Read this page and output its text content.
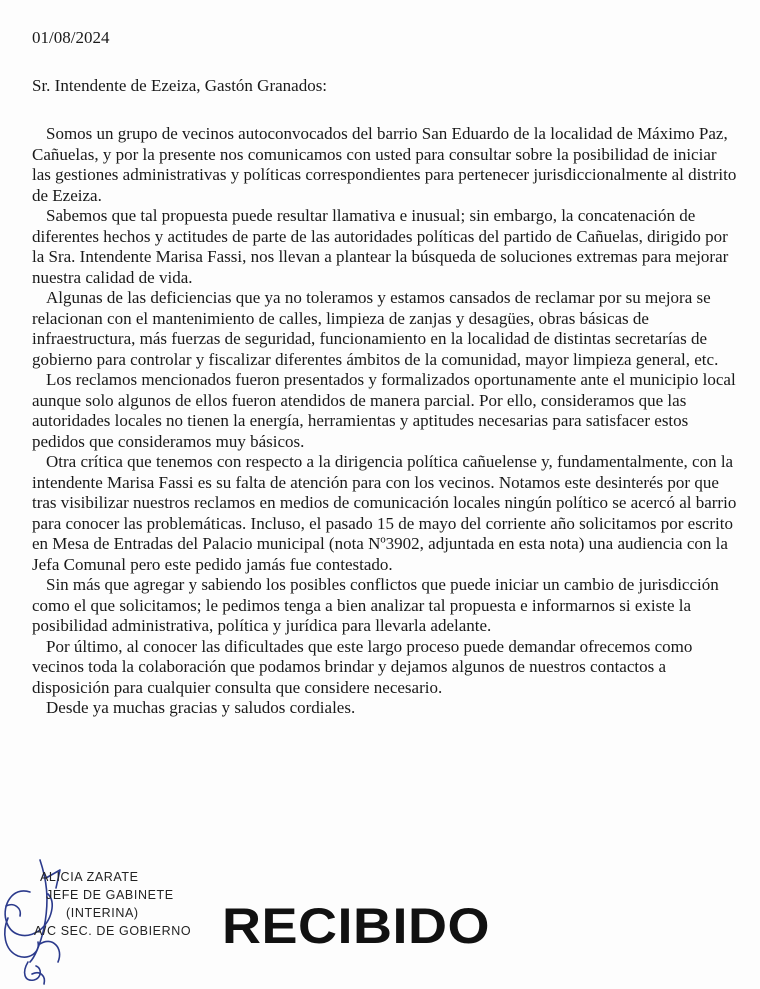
01/08/2024
Sr. Intendente de Ezeiza, Gastón Granados:

Somos un grupo de vecinos autoconvocados del barrio San Eduardo de la localidad de Máximo Paz, Cañuelas, y por la presente nos comunicamos con usted para consultar sobre la posibilidad de iniciar las gestiones administrativas y políticas correspondientes para pertenecer jurisdiccionalmente al distrito de Ezeiza.

Sabemos que tal propuesta puede resultar llamativa e inusual; sin embargo, la concatenación de diferentes hechos y actitudes de parte de las autoridades políticas del partido de Cañuelas, dirigido por la Sra. Intendente Marisa Fassi, nos llevan a plantear la búsqueda de soluciones extremas para mejorar nuestra calidad de vida.

Algunas de las deficiencias que ya no toleramos y estamos cansados de reclamar por su mejora se relacionan con el mantenimiento de calles, limpieza de zanjas y desagües, obras básicas de infraestructura, más fuerzas de seguridad, funcionamiento en la localidad de distintas secretarías de gobierno para controlar y fiscalizar diferentes ámbitos de la comunidad, mayor limpieza general, etc.

Los reclamos mencionados fueron presentados y formalizados oportunamente ante el municipio local aunque solo algunos de ellos fueron atendidos de manera parcial. Por ello, consideramos que las autoridades locales no tienen la energía, herramientas y aptitudes necesarias para satisfacer estos pedidos que consideramos muy básicos.

Otra crítica que tenemos con respecto a la dirigencia política cañuelense y, fundamentalmente, con la intendente Marisa Fassi es su falta de atención para con los vecinos. Notamos este desinterés por que tras visibilizar nuestros reclamos en medios de comunicación locales ningún político se acercó al barrio para conocer las problemáticas. Incluso, el pasado 15 de mayo del corriente año solicitamos por escrito en Mesa de Entradas del Palacio municipal (nota Nº3902, adjuntada en esta nota) una audiencia con la Jefa Comunal pero este pedido jamás fue contestado.

Sin más que agregar y sabiendo los posibles conflictos que puede iniciar un cambio de jurisdicción como el que solicitamos; le pedimos tenga a bien analizar tal propuesta e informarnos si existe la posibilidad administrativa, política y jurídica para llevarla adelante.

Por último, al conocer las dificultades que este largo proceso puede demandar ofrecemos como vecinos toda la colaboración que podamos brindar y dejamos algunos de nuestros contactos a disposición para cualquier consulta que considere necesario.

Desde ya muchas gracias y saludos cordiales.

ALICIA ZARATE
JEFE DE GABINETE
(INTERINA)
A/C SEC. DE GOBIERNO RECIBIDO
